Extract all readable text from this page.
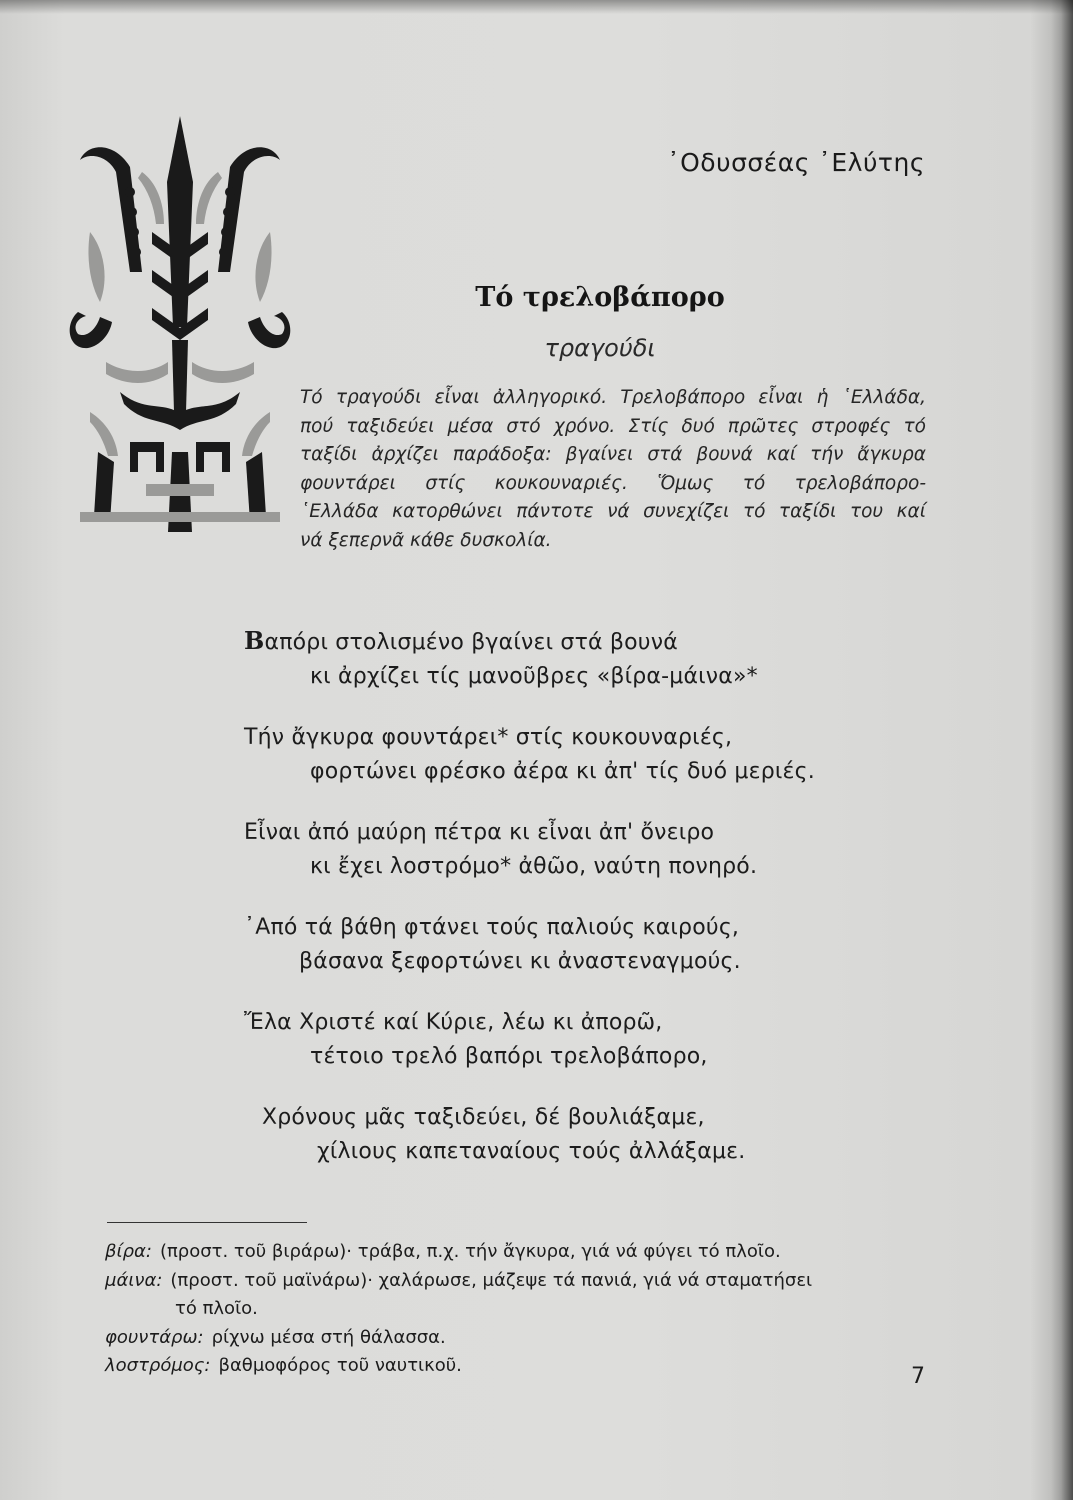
᾿Οδυσσέας ᾿Ελύτης
Τό τρελοβάπορο
τραγούδι
Τό τραγούδι εἶναι ἀλληγορικό. Τρελοβάπορο εἶναι ἡ ῾Ελλάδα,
πού ταξιδεύει μέσα στό χρόνο. Στίς δυό πρῶτες στροφές τό
ταξίδι ἀρχίζει παράδοξα: βγαίνει στά βουνά καί τήν ἄγκυρα
φουντάρει στίς κουκουναριές. Ὅμως τό τρελοβάπορο-
῾Ελλάδα κατορθώνει πάντοτε νά συνεχίζει τό ταξίδι του καί
νά ξεπερνᾶ κάθε δυσκολία.
Βαπόρι στολισμένο βγαίνει στά βουνά
κι ἀρχίζει τίς μανοῦβρες «βίρα-μάινα»*
Τήν ἄγκυρα φουντάρει* στίς κουκουναριές,
φορτώνει φρέσκο ἀέρα κι ἀπ' τίς δυό μεριές.
Εἶναι ἀπό μαύρη πέτρα κι εἶναι ἀπ' ὄνειρο
κι ἔχει λοστρόμο* ἀθῶο, ναύτη πονηρό.
᾿Από τά βάθη φτάνει τούς παλιούς καιρούς,
βάσανα ξεφορτώνει κι ἀναστεναγμούς.
Ἔλα Χριστέ καί Κύριε, λέω κι ἀπορῶ,
τέτοιο τρελό βαπόρι τρελοβάπορο,
Χρόνους μᾶς ταξιδεύει, δέ βουλιάξαμε,
χίλιους καπεταναίους τούς ἀλλάξαμε.
βίρα: (προστ. τοῦ βιράρω)· τράβα, π.χ. τήν ἄγκυρα, γιά νά φύγει τό πλοῖο.
μάινα: (προστ. τοῦ μαϊνάρω)· χαλάρωσε, μάζεψε τά πανιά, γιά νά σταματήσει
τό πλοῖο.
φουντάρω: ρίχνω μέσα στή θάλασσα.
λοστρόμος: βαθμοφόρος τοῦ ναυτικοῦ.	7
